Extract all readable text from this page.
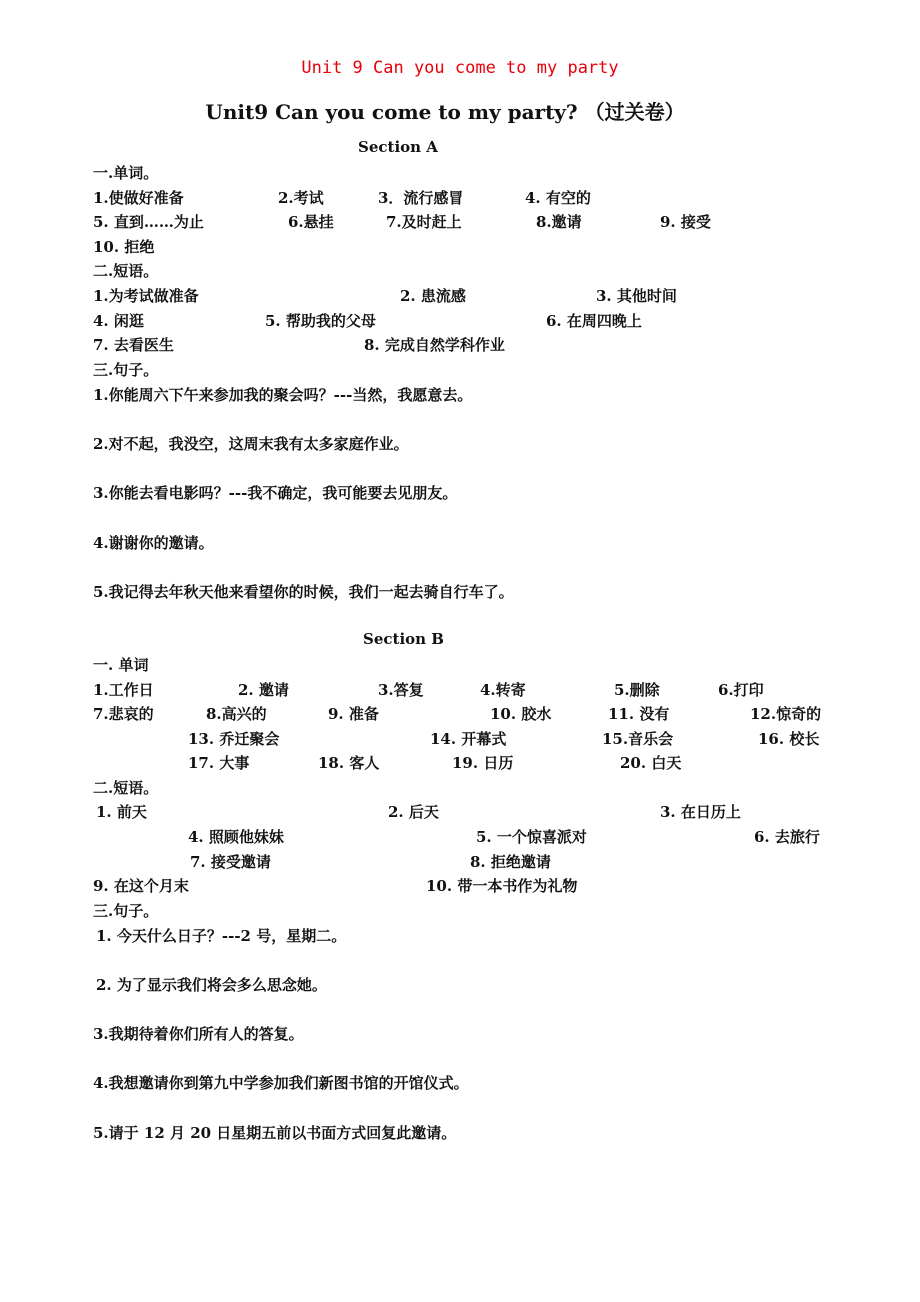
Unit 9 Can you come to my party
Unit9 Can you come to my party? （过关卷）
Section A
一.单词。
1.使做好准备	2.考试	3．流行感冒	4. 有空的
5. 直到……为止	6.悬挂	7.及时赶上	8.邀请	9. 接受
10. 拒绝
二.短语。
1.为考试做准备	2. 患流感	3. 其他时间
4. 闲逛	5. 帮助我的父母	6. 在周四晚上
7. 去看医生	8. 完成自然学科作业
三.句子。
1.你能周六下午来参加我的聚会吗？---当然，我愿意去。
2.对不起，我没空，这周末我有太多家庭作业。
3.你能去看电影吗？---我不确定，我可能要去见朋友。
4.谢谢你的邀请。
5.我记得去年秋天他来看望你的时候，我们一起去骑自行车了。
Section B
一. 单词
1.工作日	2. 邀请	3.答复	4.转寄	5.删除	6.打印
7.悲哀的	8.高兴的	9. 准备	10. 胶水	11. 没有	12.惊奇的
13. 乔迁聚会	14. 开幕式	15.音乐会	16. 校长
17. 大事	18. 客人	19. 日历	20. 白天
二.短语。
1. 前天	2. 后天	3. 在日历上
4. 照顾他妹妹	5. 一个惊喜派对	6. 去旅行
7. 接受邀请	8. 拒绝邀请
9. 在这个月末	10. 带一本书作为礼物
三.句子。
1. 今天什么日子？---2 号，星期二。
2. 为了显示我们将会多么思念她。
3.我期待着你们所有人的答复。
4.我想邀请你到第九中学参加我们新图书馆的开馆仪式。
5.请于 12 月 20 日星期五前以书面方式回复此邀请。
